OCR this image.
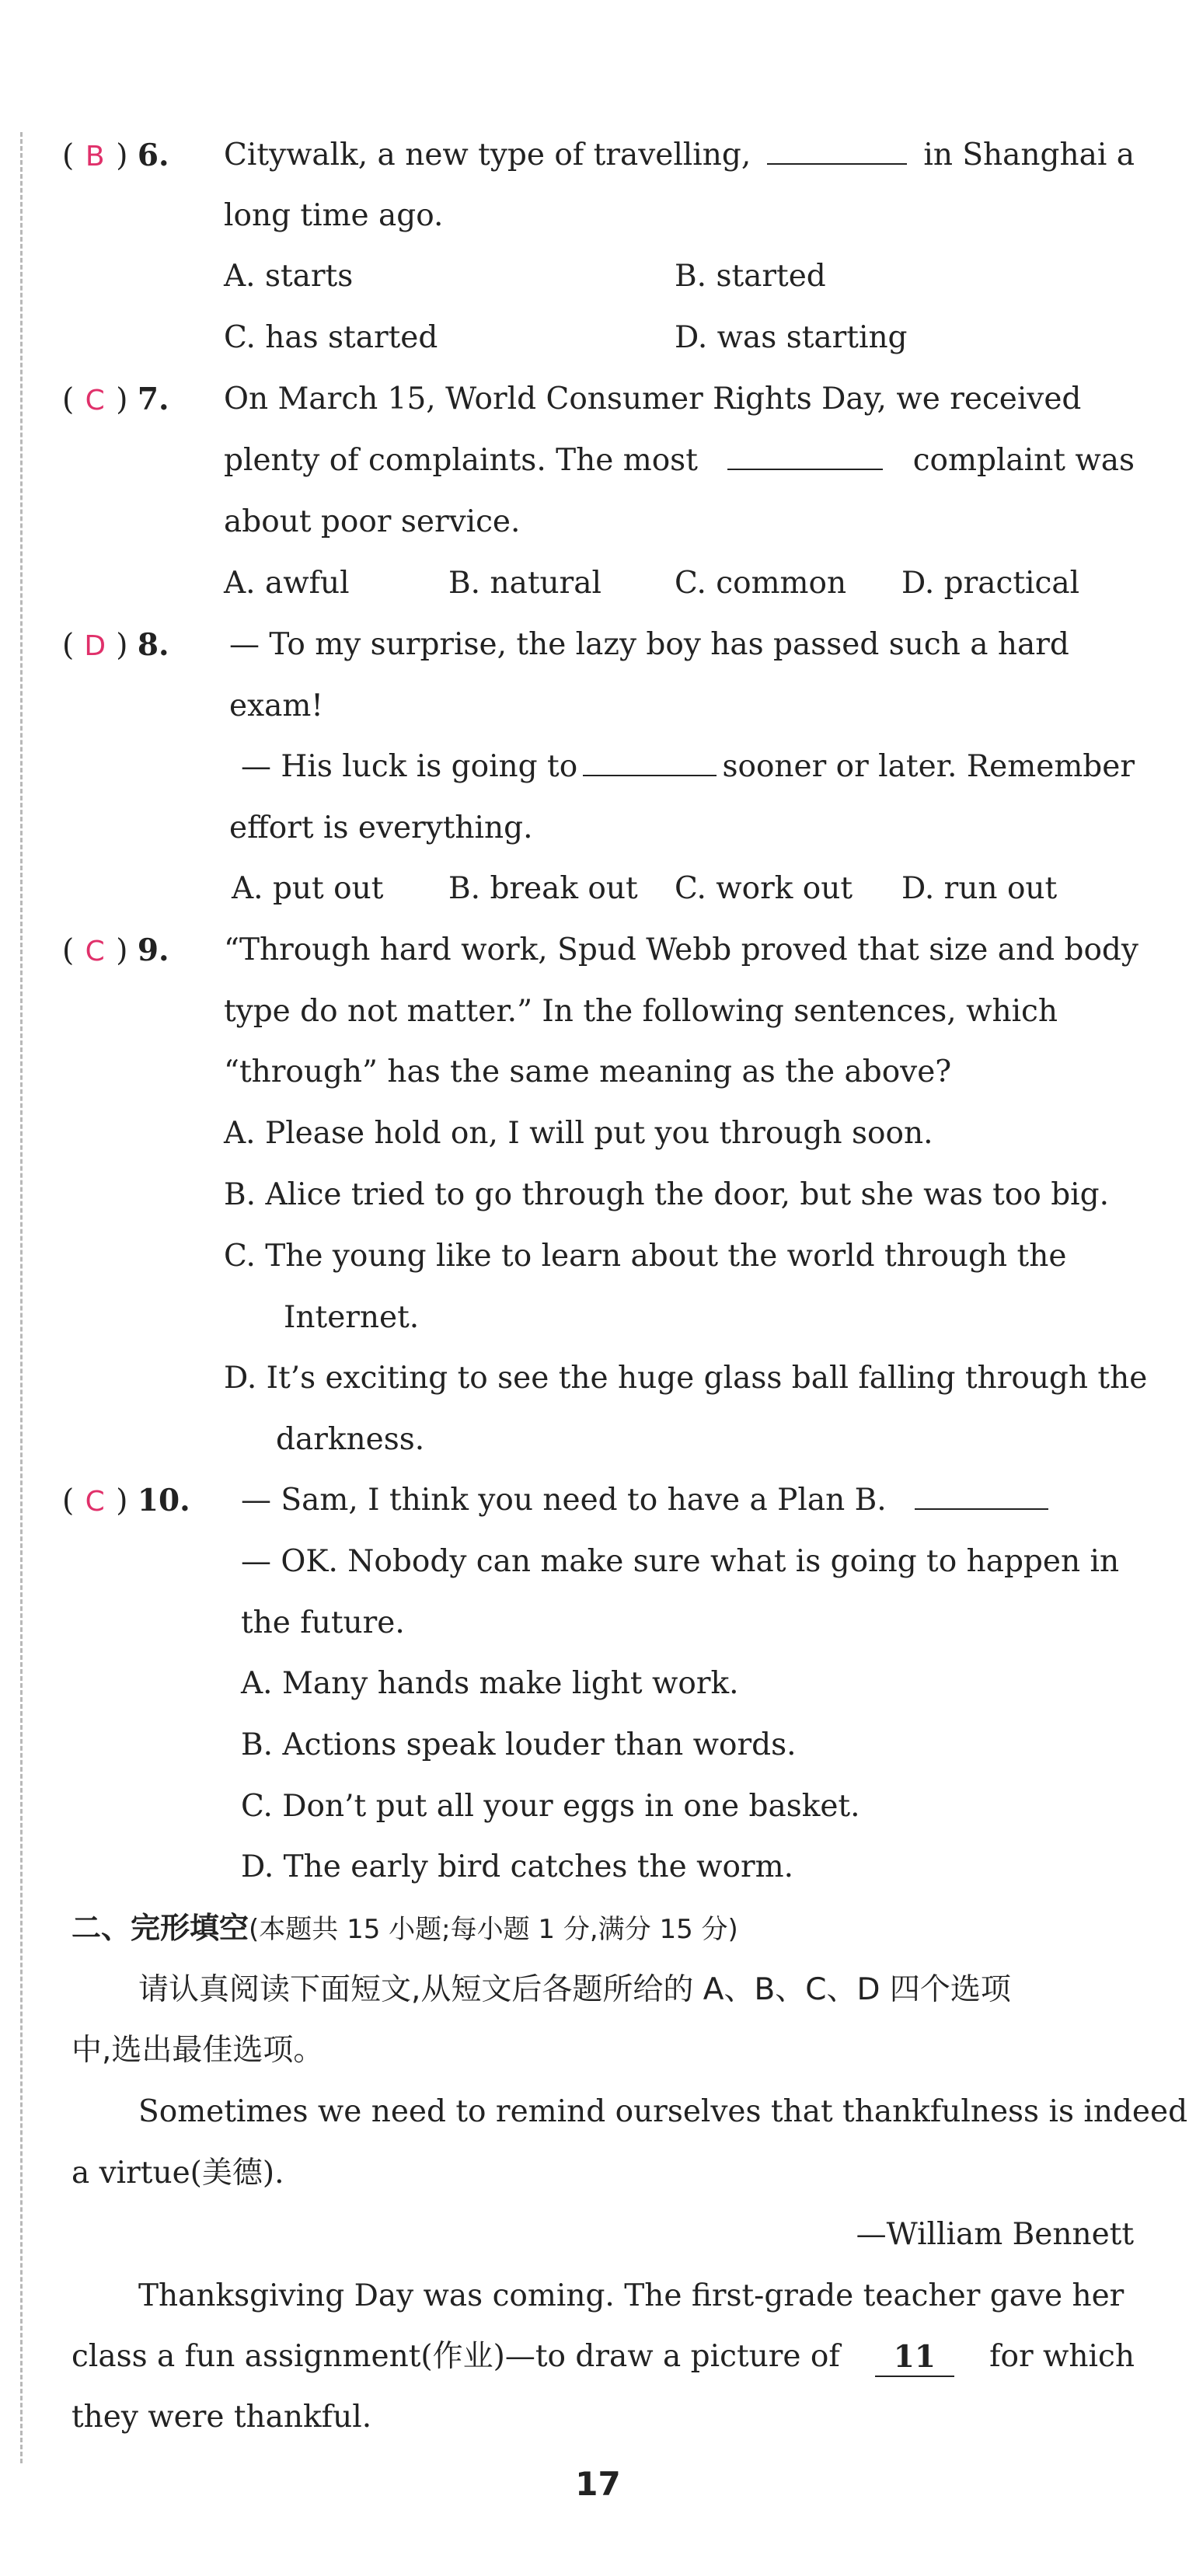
( B ) 6.	Citywalk, a new type of travelling,	in Shanghai a
long time ago.
A. starts	B. started
C. has started	D. was starting
( C ) 7. On March 15, World Consumer Rights Day, we received
plenty of complaints. The most	complaint was
about poor service.
A. awful	B. natural C. common D. practical
( D ) 8. — To my surprise, the lazy boy has passed such a hard
exam!
— His luck is going to	sooner or later. Remember
effort is everything.
A. put out B. break out C. work out D. run out
( C ) 9. “Through hard work, Spud Webb proved that size and body
type do not matter.” In the following sentences, which
“through” has the same meaning as the above?
A. Please hold on, I will put you through soon.
B. Alice tried to go through the door, but she was too big.
C. The young like to learn about the world through the
Internet.
D. It’s exciting to see the huge glass ball falling through the
darkness.
( C ) 10. — Sam, I think you need to have a Plan B.
— OK. Nobody can make sure what is going to happen in
the future.
A. Many hands make light work.
B. Actions speak louder than words.
C. Don’t put all your eggs in one basket.
D. The early bird catches the worm.
二、完形填空(本题共 15 小题;每小题 1 分,满分 15 分)
请认真阅读下面短文,从短文后各题所给的 A、B、C、D 四个选项
中,选出最佳选项。
Sometimes we need to remind ourselves that thankfulness is indeed
a virtue(美德).
—William Bennett
Thanksgiving Day was coming. The first-grade teacher gave her
class a fun assignment(作业)—to draw a picture of	11	for which
they were thankful.
17
